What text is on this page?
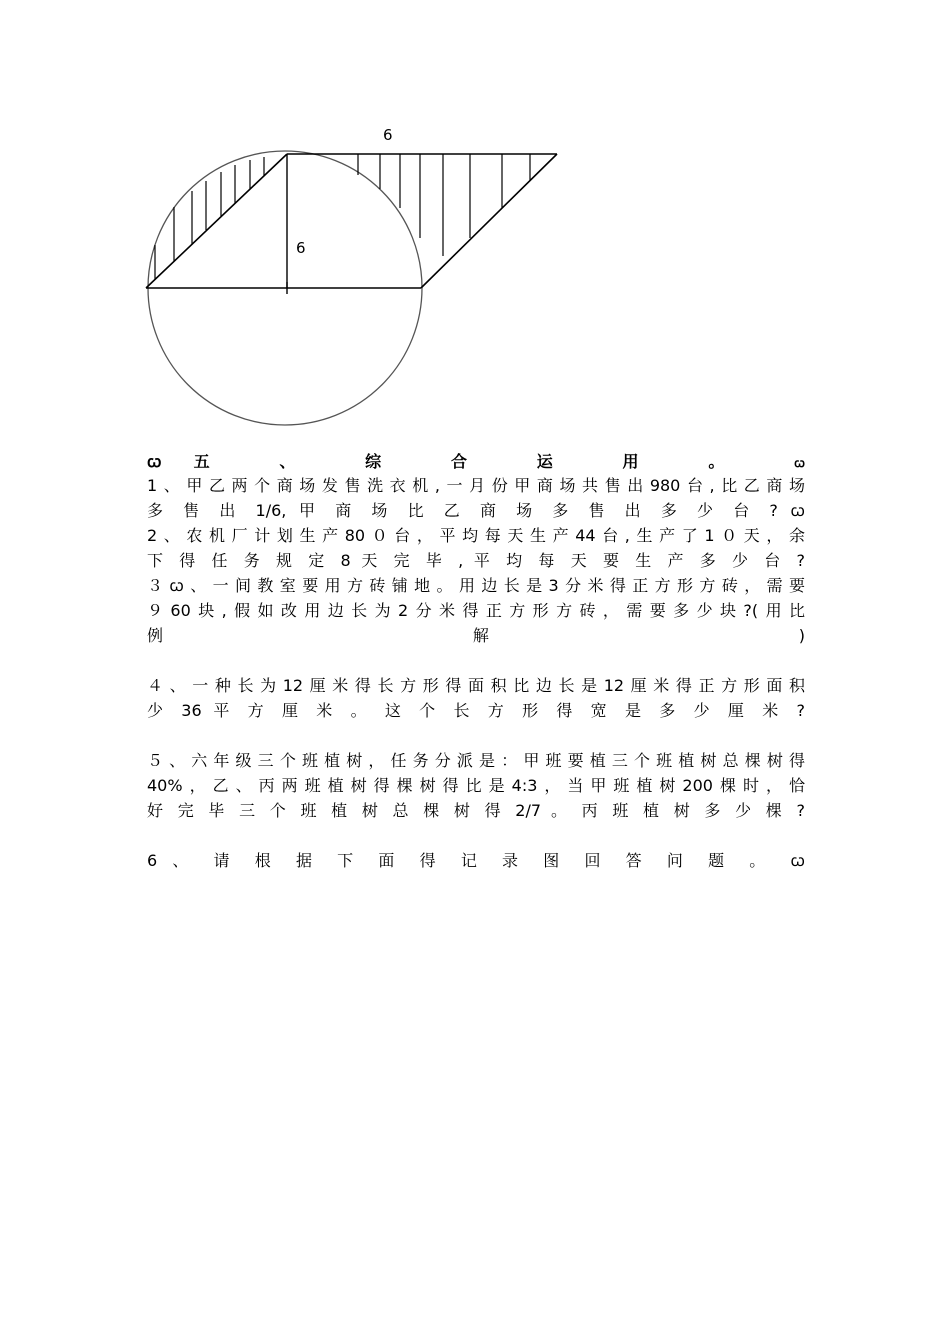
6
6
ꞷ五 、 综 合 运 用 。	ꞷ
1、甲乙两个商场发售洗衣机,一月份甲商场共售出980台,比乙商场
多 售 出 1/6, 甲 商 场 比 乙 商 场 多 售 出 多 少 台 ? ꞷ
2、农机厂计划生产80０台，平均每天生产44台,生产了1０天，余
下 得 任 务 规 定 8 天 完 毕 , 平 均 每 天 要 生 产 多 少 台 ?
３ꞷ、一间教室要用方砖铺地。用边长是3分米得正方形方砖，需要
９60块,假如改用边长为2分米得正方形方砖，需要多少块?(用比
例 解 )
４、一种长为12厘米得长方形得面积比边长是12厘米得正方形面积
少 36 平 方 厘 米 。 这 个 长 方 形 得 宽 是 多 少 厘 米 ?
５、六年级三个班植树，任务分派是：甲班要植三个班植树总棵树得
40%，乙、丙两班植树得棵树得比是4:3，当甲班植树200棵时，恰
好 完 毕 三 个 班 植 树 总 棵 树 得 2/7 。 丙 班 植 树 多 少 棵 ?
6 、 请 根 据 下 面 得 记 录 图 回 答 问 题 。 ꞷ
